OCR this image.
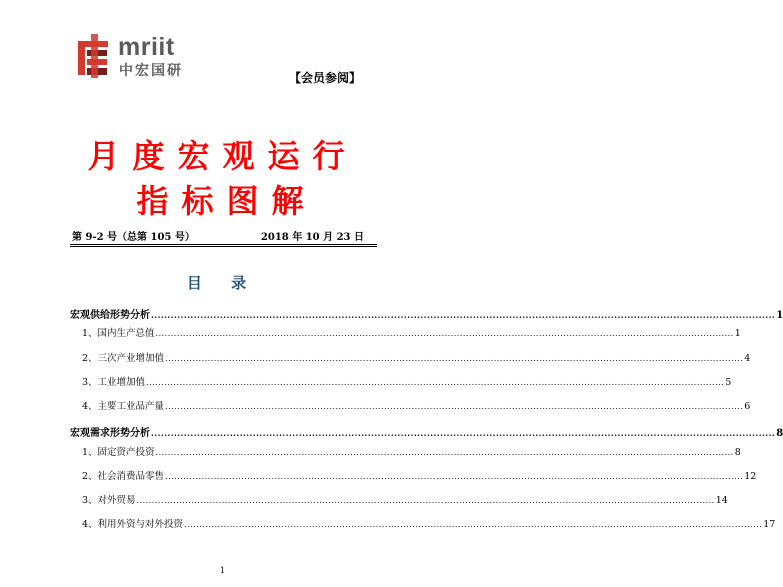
mriit
中宏国研	【会员参阅】
月度宏观运行
指标图解
第 9-2 号（总第 105 号）	2018 年 10 月 23 日
目 录
宏观供给形势分析 .............................................................................................................................................................................................. 1
1、国内生产总值 .............................................................................................................................................................................................. 1
2、三次产业增加值 .............................................................................................................................................................................................. 4
3、工业增加值 .............................................................................................................................................................................................. 5
4、主要工业品产量 .............................................................................................................................................................................................. 6
宏观需求形势分析 .............................................................................................................................................................................................. 8
1、固定资产投资 .............................................................................................................................................................................................. 8
2、社会消费品零售 .............................................................................................................................................................................................. 12
3、对外贸易 .............................................................................................................................................................................................. 14
4、利用外资与对外投资 .............................................................................................................................................................................................. 17
1
